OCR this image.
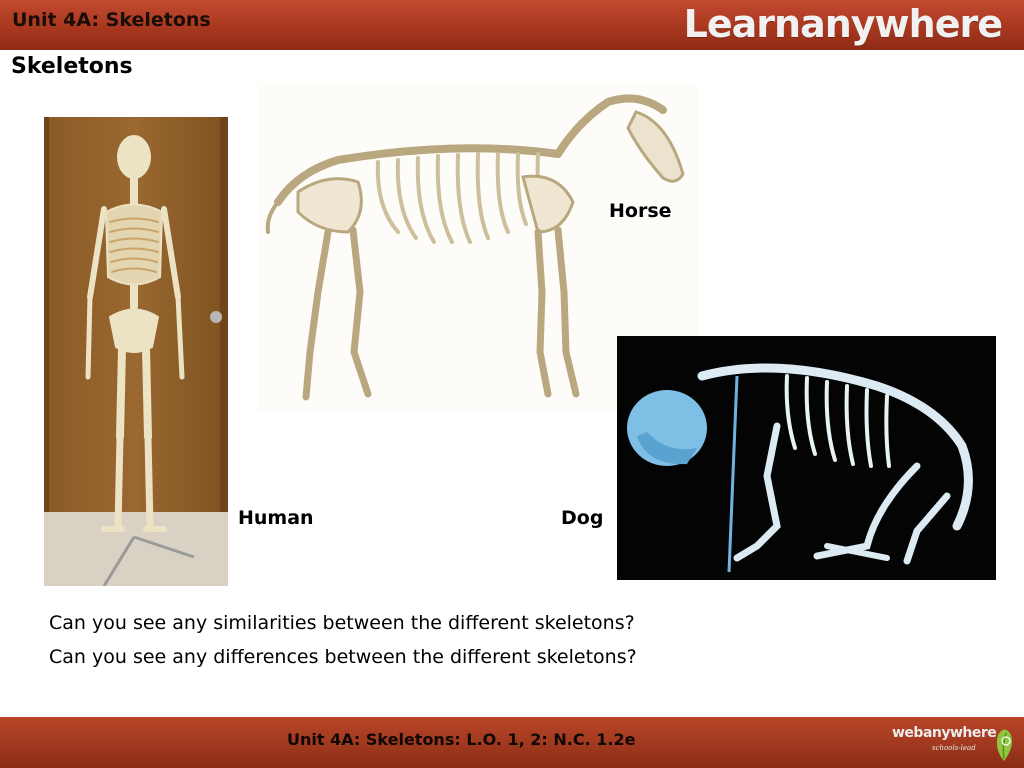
Unit 4A: Skeletons	Learnanywhere
Skeletons
Horse
Human	Dog
Can you see any similarities between the different skeletons?
Can you see any differences between the different skeletons?
Unit 4A: Skeletons: L.O. 1, 2: N.C. 1.2e	webanywhere
schools-lead
